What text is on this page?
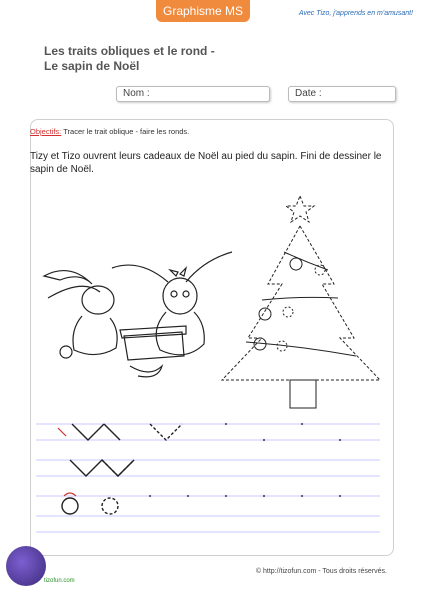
Graphisme MS	Avec Tizo, j'apprends en m'amusant!
Les traits obliques et le rond -
Le sapin de Noël
Nom :	Date :
Objectifs: Tracer le trait oblique - faire les ronds.
Tizy et Tizo ouvrent leurs cadeaux de Noël au pied du sapin. Fini de dessiner le sapin de Noël.
tizofun.com
© http://tizofun.com - Tous droits réservés.
